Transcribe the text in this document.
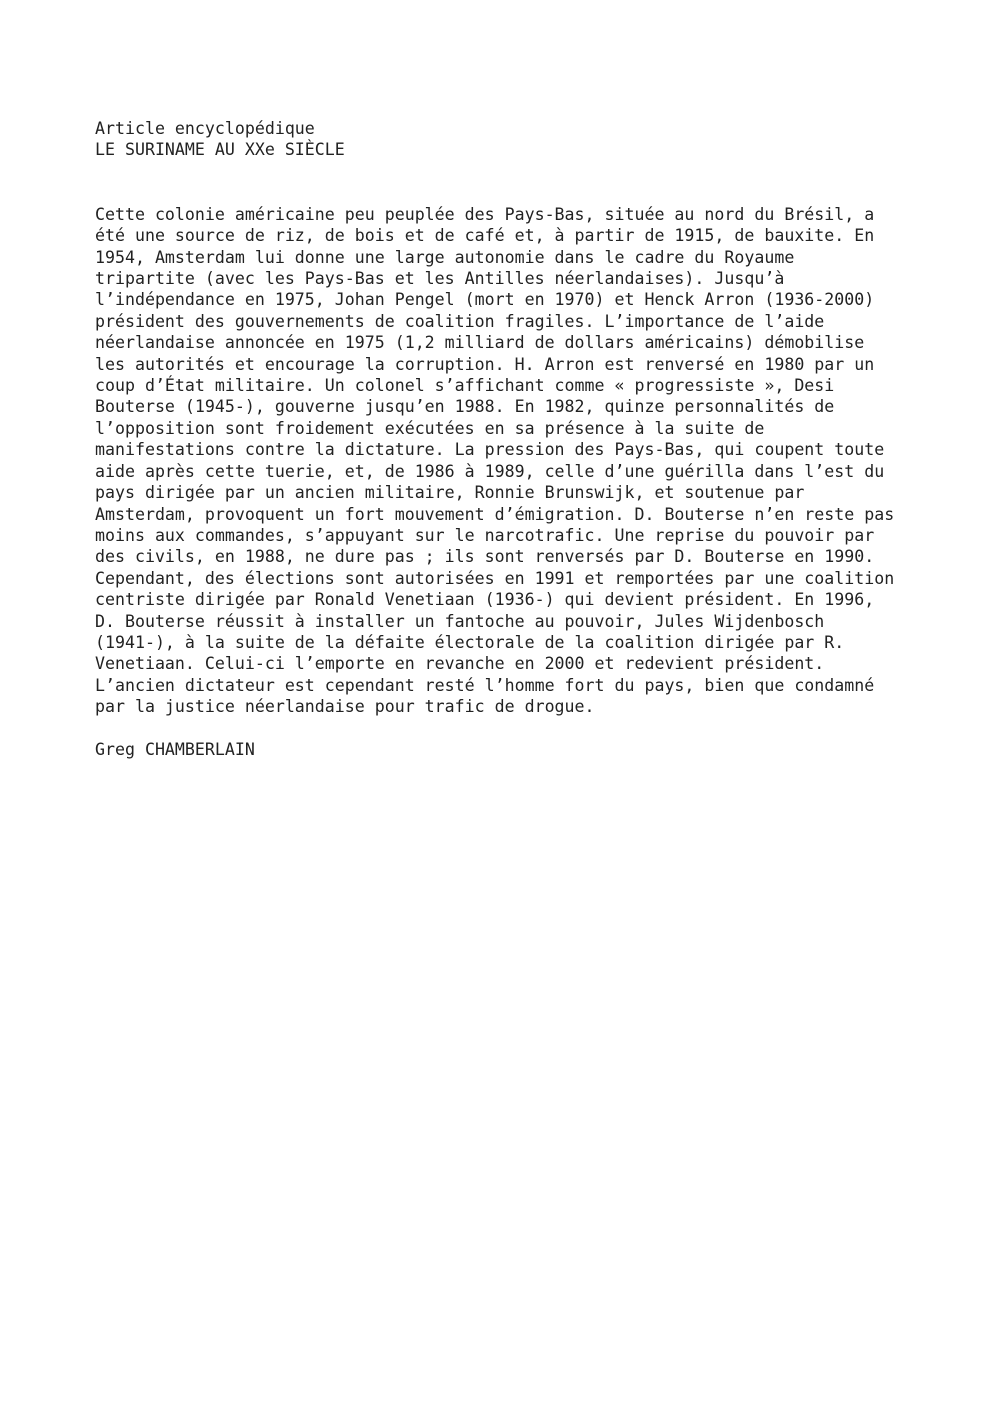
Article encyclopédique
LE SURINAME AU XXe SIÈCLE
Cette colonie américaine peu peuplée des Pays-Bas, située au nord du Brésil, a
été une source de riz, de bois et de café et, à partir de 1915, de bauxite. En
1954, Amsterdam lui donne une large autonomie dans le cadre du Royaume
tripartite (avec les Pays-Bas et les Antilles néerlandaises). Jusqu’à
l’indépendance en 1975, Johan Pengel (mort en 1970) et Henck Arron (1936-2000)
président des gouvernements de coalition fragiles. L’importance de l’aide
néerlandaise annoncée en 1975 (1,2 milliard de dollars américains) démobilise
les autorités et encourage la corruption. H. Arron est renversé en 1980 par un
coup d’État militaire. Un colonel s’affichant comme « progressiste », Desi
Bouterse (1945-), gouverne jusqu’en 1988. En 1982, quinze personnalités de
l’opposition sont froidement exécutées en sa présence à la suite de
manifestations contre la dictature. La pression des Pays-Bas, qui coupent toute
aide après cette tuerie, et, de 1986 à 1989, celle d’une guérilla dans l’est du
pays dirigée par un ancien militaire, Ronnie Brunswijk, et soutenue par
Amsterdam, provoquent un fort mouvement d’émigration. D. Bouterse n’en reste pas
moins aux commandes, s’appuyant sur le narcotrafic. Une reprise du pouvoir par
des civils, en 1988, ne dure pas ; ils sont renversés par D. Bouterse en 1990.
Cependant, des élections sont autorisées en 1991 et remportées par une coalition
centriste dirigée par Ronald Venetiaan (1936-) qui devient président. En 1996,
D. Bouterse réussit à installer un fantoche au pouvoir, Jules Wijdenbosch
(1941-), à la suite de la défaite électorale de la coalition dirigée par R.
Venetiaan. Celui-ci l’emporte en revanche en 2000 et redevient président.
L’ancien dictateur est cependant resté l’homme fort du pays, bien que condamné
par la justice néerlandaise pour trafic de drogue.
Greg CHAMBERLAIN
